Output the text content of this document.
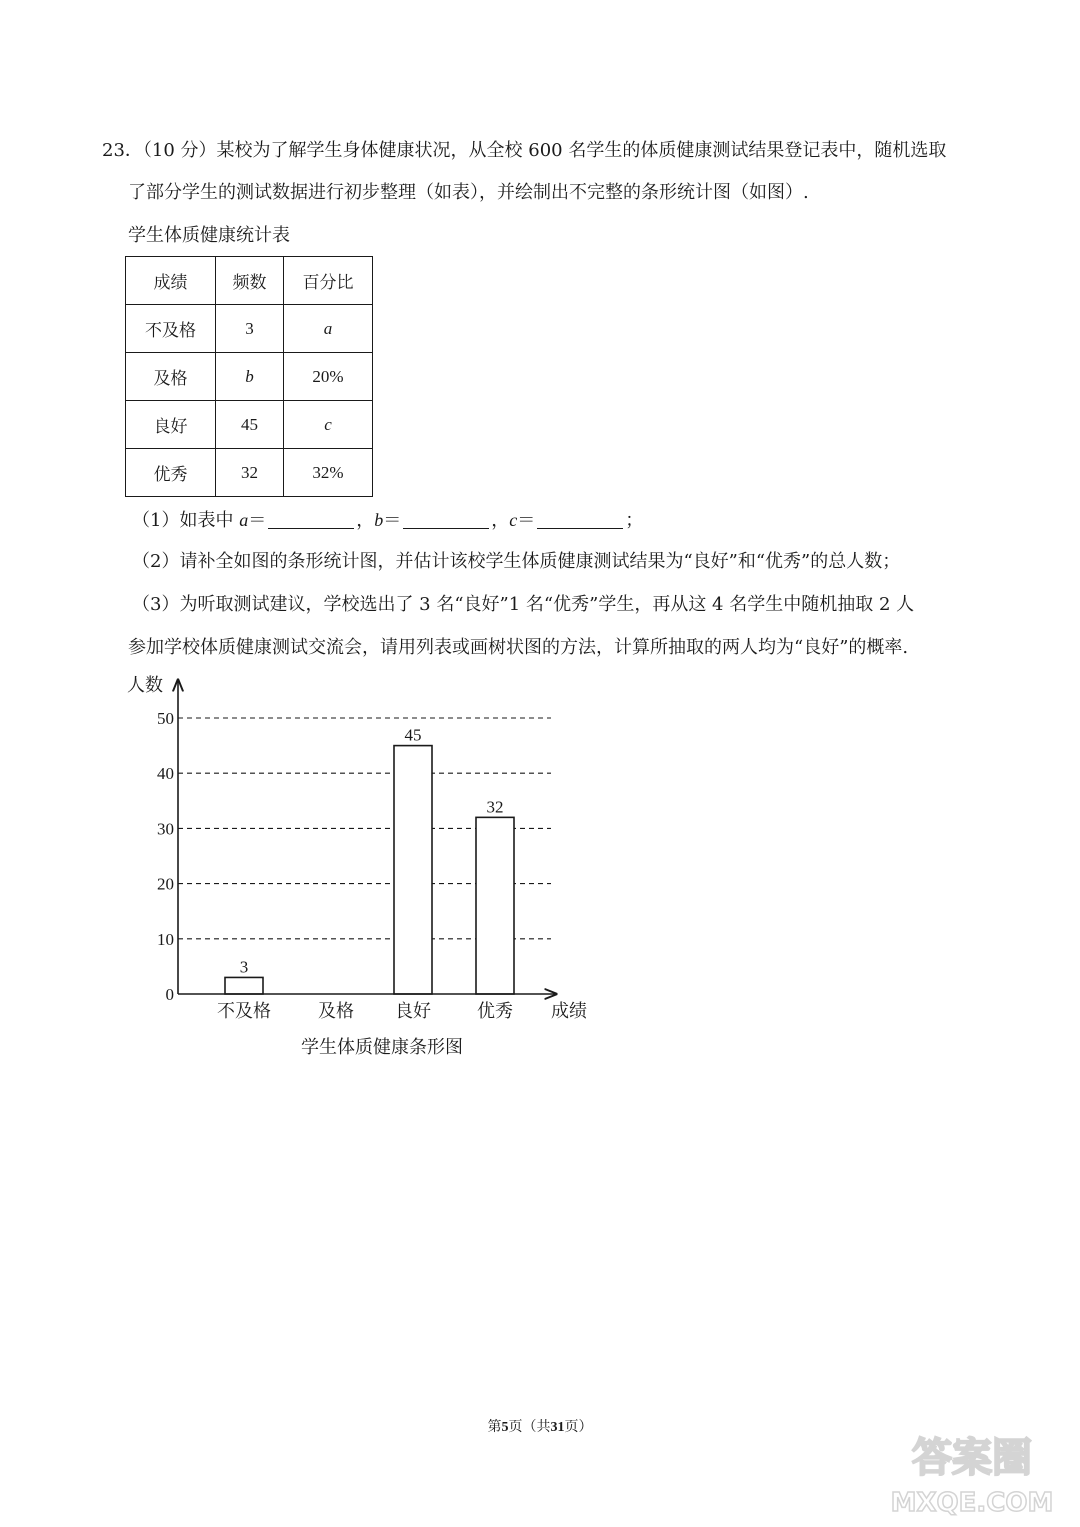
23．（10 分）某校为了解学生身体健康状况，从全校 600 名学生的体质健康测试结果登记表中，随机选取
了部分学生的测试数据进行初步整理（如表），并绘制出不完整的条形统计图（如图）.
学生体质健康统计表
成绩	频数	百分比
不及格	3	a
及格	b	20%
良好	45	c
优秀	32	32%
（1）如表中 a＝	，b＝	，c＝	；
（2）请补全如图的条形统计图，并估计该校学生体质健康测试结果为“良好”和“优秀”的总人数；
（3）为听取测试建议，学校选出了 3 名“良好”1 名“优秀”学生，再从这 4 名学生中随机抽取 2 人
参加学校体质健康测试交流会，请用列表或画树状图的方法，计算所抽取的两人均为“良好”的概率.
3
45
32
0
10
20
30
40
50
不及格	及格 良好	优秀
人数
成绩
学生体质健康条形图
第5页（共31页）
答案圈
MXQE.COM
